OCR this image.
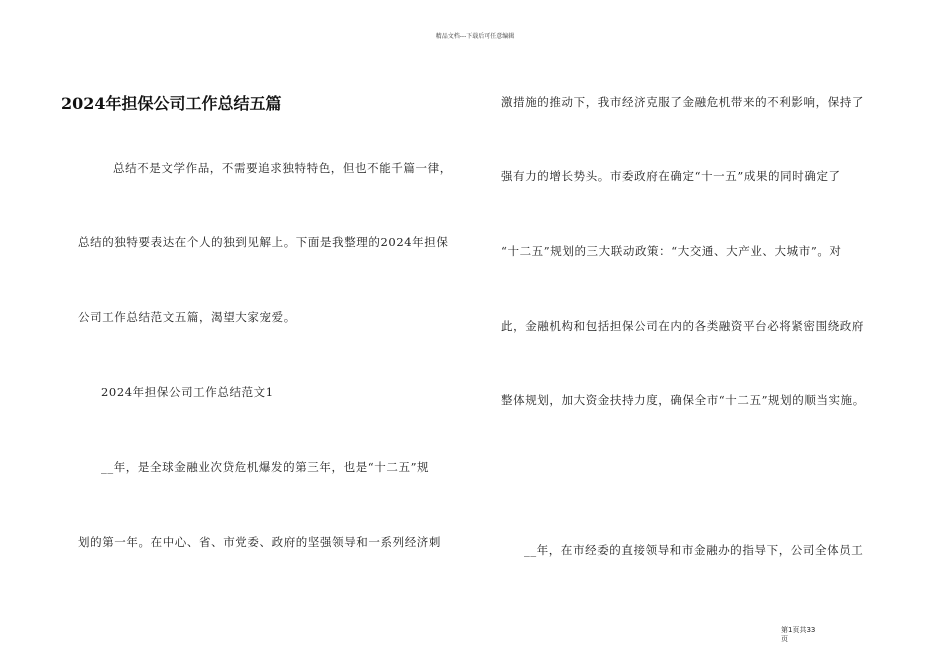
精品文档---下载后可任意编辑
2024年担保公司工作总结五篇
总结不是文学作品，不需要追求独特特色，但也不能千篇一律，
总结的独特要表达在个人的独到见解上。下面是我整理的2024年担保
公司工作总结范文五篇，渴望大家宠爱。
2024年担保公司工作总结范文1
__年，是全球金融业次贷危机爆发的第三年，也是“十二五”规
划的第一年。在中心、省、市党委、政府的坚强领导和一系列经济刺
激措施的推动下，我市经济克服了金融危机带来的不利影响，保持了
强有力的增长势头。市委政府在确定“十一五”成果的同时确定了
“十二五”规划的三大联动政策：“大交通、大产业、大城市”。对
此，金融机构和包括担保公司在内的各类融资平台必将紧密围绕政府
整体规划，加大资金扶持力度，确保全市“十二五”规划的顺当实施。
__年，在市经委的直接领导和市金融办的指导下，公司全体员工
第1页共33
页
